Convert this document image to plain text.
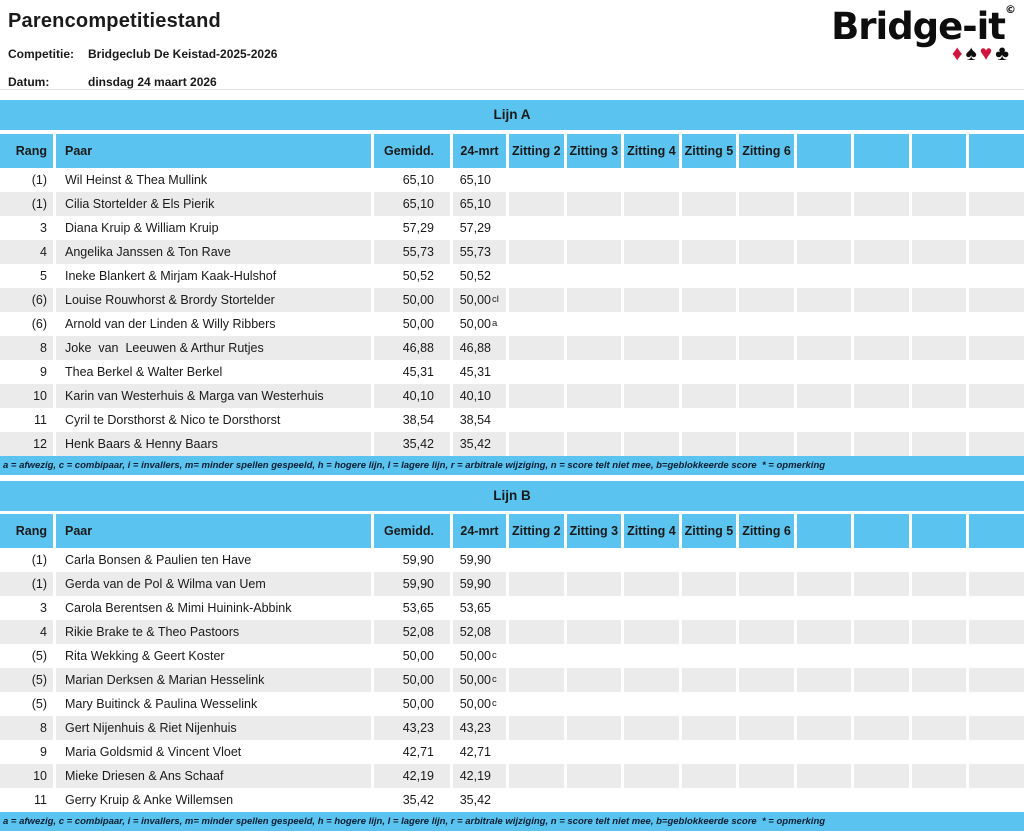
Parencompetitiestand
Competitie: Bridgeclub De Keistad-2025-2026
Datum:	dinsdag 24 maart 2026
Bridge-it©
♦♠♥♣
Lijn A
Rang	Paar	Gemidd.	24-mrt	Zitting 2 Zitting 3 Zitting 4 Zitting 5 Zitting 6
(1)	Wil Heinst & Thea Mullink	65,10	65,10
(1)	Cilia Stortelder & Els Pierik	65,10	65,10
3	Diana Kruip & William Kruip	57,29	57,29
4	Angelika Janssen & Ton Rave	55,73	55,73
5	Ineke Blankert & Mirjam Kaak-Hulshof	50,52	50,52
(6)	Louise Rouwhorst & Brordy Stortelder	50,00	50,00 cl
(6)	Arnold van der Linden & Willy Ribbers	50,00	50,00 a
8	Joke  van  Leeuwen & Arthur Rutjes	46,88	46,88
9	Thea Berkel & Walter Berkel	45,31	45,31
10	Karin van Westerhuis & Marga van Westerhuis	40,10	40,10
11	Cyril te Dorsthorst & Nico te Dorsthorst	38,54	38,54
12	Henk Baars & Henny Baars	35,42	35,42
a = afwezig, c = combipaar, i = invallers, m= minder spellen gespeeld, h = hogere lijn, l = lagere lijn, r = arbitrale wijziging, n = score telt niet mee, b=geblokkeerde score  * = opmerking
Lijn B
Rang	Paar	Gemidd.	24-mrt	Zitting 2 Zitting 3 Zitting 4 Zitting 5 Zitting 6
(1)	Carla Bonsen & Paulien ten Have	59,90	59,90
(1)	Gerda van de Pol & Wilma van Uem	59,90	59,90
3	Carola Berentsen & Mimi Huinink-Abbink	53,65	53,65
4	Rikie Brake te & Theo Pastoors	52,08	52,08
(5)	Rita Wekking & Geert Koster	50,00	50,00 c
(5)	Marian Derksen & Marian Hesselink	50,00	50,00 c
(5)	Mary Buitinck & Paulina Wesselink	50,00	50,00 c
8	Gert Nijenhuis & Riet Nijenhuis	43,23	43,23
9	Maria Goldsmid & Vincent Vloet	42,71	42,71
10	Mieke Driesen & Ans Schaaf	42,19	42,19
11	Gerry Kruip & Anke Willemsen	35,42	35,42
a = afwezig, c = combipaar, i = invallers, m= minder spellen gespeeld, h = hogere lijn, l = lagere lijn, r = arbitrale wijziging, n = score telt niet mee, b=geblokkeerde score  * = opmerking
